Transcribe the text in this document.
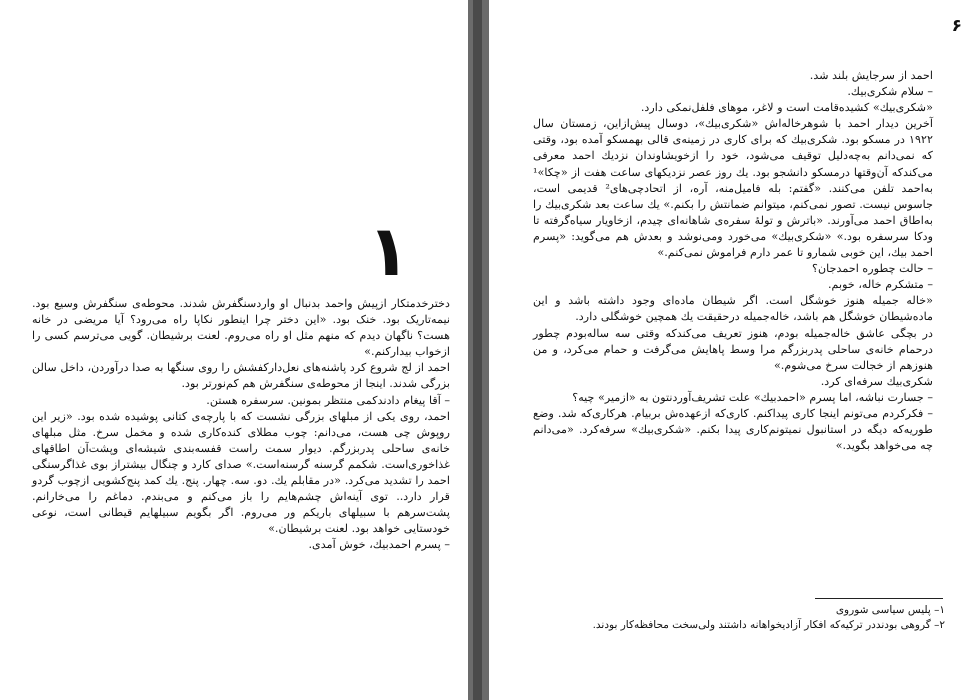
۱

دخترخدمتکار ازپیش واحمد بدنبال او واردسنگفرش شدند. محوطه‌ی سنگفرش وسیع بود. نیمه‌تاریک بود. خنک بود. «این دختر چرا اینطور نکاپا راه می‌رود؟ آیا مریضی در خانه هست؟ ناگهان دیدم که منهم مثل او راه می‌روم. لعنت برشیطان. گویی می‌ترسم کسی را ازخواب بیدارکنم.»

احمد از لج شروع کرد پاشنه‌های نعل‌دارکفشش را روی سنگها به صدا درآوردن، داخل سالن بزرگی شدند. اینجا از محوطه‌ی سنگفرش هم کم‌نورتر بود.

– آقا پیغام دادندکمی منتظر بمونین. سرسفره هستن.

احمد، روی یکی از مبلهای بزرگی نشست که با پارچه‌ی کتانی پوشیده شده بود. «زیر این روپوش چی هست، می‌دانم: چوب مطلای کنده‌کاری شده و مخمل سرخ. مثل مبلهای خانه‌ی ساحلی پدربزرگم. دیوار سمت راست قفسه‌بندی شیشه‌ای وپشت‌آن اطاقهای غذاخوری‌است. شکمم گرسنه گرسنه‌است.» صدای کارد و چنگال بیشتراز بوی غذاگرسنگی احمد را تشدید می‌کرد. «در مقابلم یك. دو. سه. چهار. پنج. یك کمد پنج‌کشویی ازچوب گردو قرار دارد.. توی آینه‌اش چشم‌هایم را باز می‌کنم و می‌بندم. دماغم را می‌خارانم. پشت‌سرهم با سبیلهای باریکم ور می‌روم. اگر بگویم سبیلهایم قیطانی است، نوعی خودستایی خواهد بود. لعنت برشیطان.»

– پسرم احمدبیك، خوش آمدی.

۶

احمد از سرجایش بلند شد.

– سلام شکری‌بیك.

«شکری‌بیك» کشیده‌قامت است و لاغر، موهای فلفل‌نمکی دارد.

آخرین دیدار احمد با شوهرخاله‌اش «شکری‌بیك»، دوسال پیش‌ازاین، زمستان سال ۱۹۲۲ در مسکو بود. شکری‌بیك که برای کاری در زمینه‌ی قالی بهمسکو آمده بود، وقتی که نمی‌دانم به‌چه‌دلیل توقیف می‌شود، خود را ازخویشاوندان نزدیك احمد معرفی می‌کندکه آن‌وقتها درمسکو دانشجو بود. یك روز عصر نزدیکهای ساعت هفت از «چکا»¹ به‌احمد تلفن می‌کنند. «گفتم: بله فامیل‌منه، آره، از اتحادچی‌های² قدیمی است، جاسوس نیست. تصور نمی‌کنم، میتوانم ضمانتش را بکنم.» یك ساعت بعد شکری‌بیك را به‌اطاق احمد می‌آورند. «باترش و تولهٔ سفره‌ی شاهانه‌ای چیدم، ازخاویار سیاه‌گرفته تا ودکا سرسفره بود.» «شکری‌بیك» می‌خورد ومی‌نوشد و بعدش هم می‌گوید: «پسرم احمد بیك، این خوبی شمارو تا عمر دارم فراموش نمی‌کنم.»

– حالت چطوره احمدجان؟

– متشکرم خاله، خوبم.

«خاله جمیله هنوز خوشگل است. اگر شیطان ماده‌ای وجود داشته باشد و این ماده‌شیطان خوشگل هم باشد، خاله‌جمیله درحقیقت یك همچین خوشگلی دارد.

در بچگی عاشق خاله‌جمیله بودم، هنوز تعریف می‌کندکه وقتی سه ساله‌بودم چطور درحمام خانه‌ی ساحلی پدربزرگم مرا وسط پاهایش می‌گرفت و حمام می‌کرد، و من هنوزهم از خجالت سرخ می‌شوم.»

شکری‌بیك سرفه‌ای کرد.

– جسارت نباشه، اما پسرم «احمدبیك» علت تشریف‌آوردنتون به «ازمیر» چیه؟

– فکرکردم می‌تونم اینجا کاری پیداکنم. کاری‌که ازعهده‌ش بربیام. هرکاری‌که شد. وضع طوریه‌که دیگه در استانبول نمیتونم‌کاری پیدا بکنم. «شکری‌بیك» سرفه‌کرد. «می‌دانم چه می‌خواهد بگوید.»

۱– پلیس سیاسی شوروی

۲– گروهی بودنددر ترکیه‌که افکار آزادیخواهانه داشتند ولی‌سخت محافظه‌کار بودند.
